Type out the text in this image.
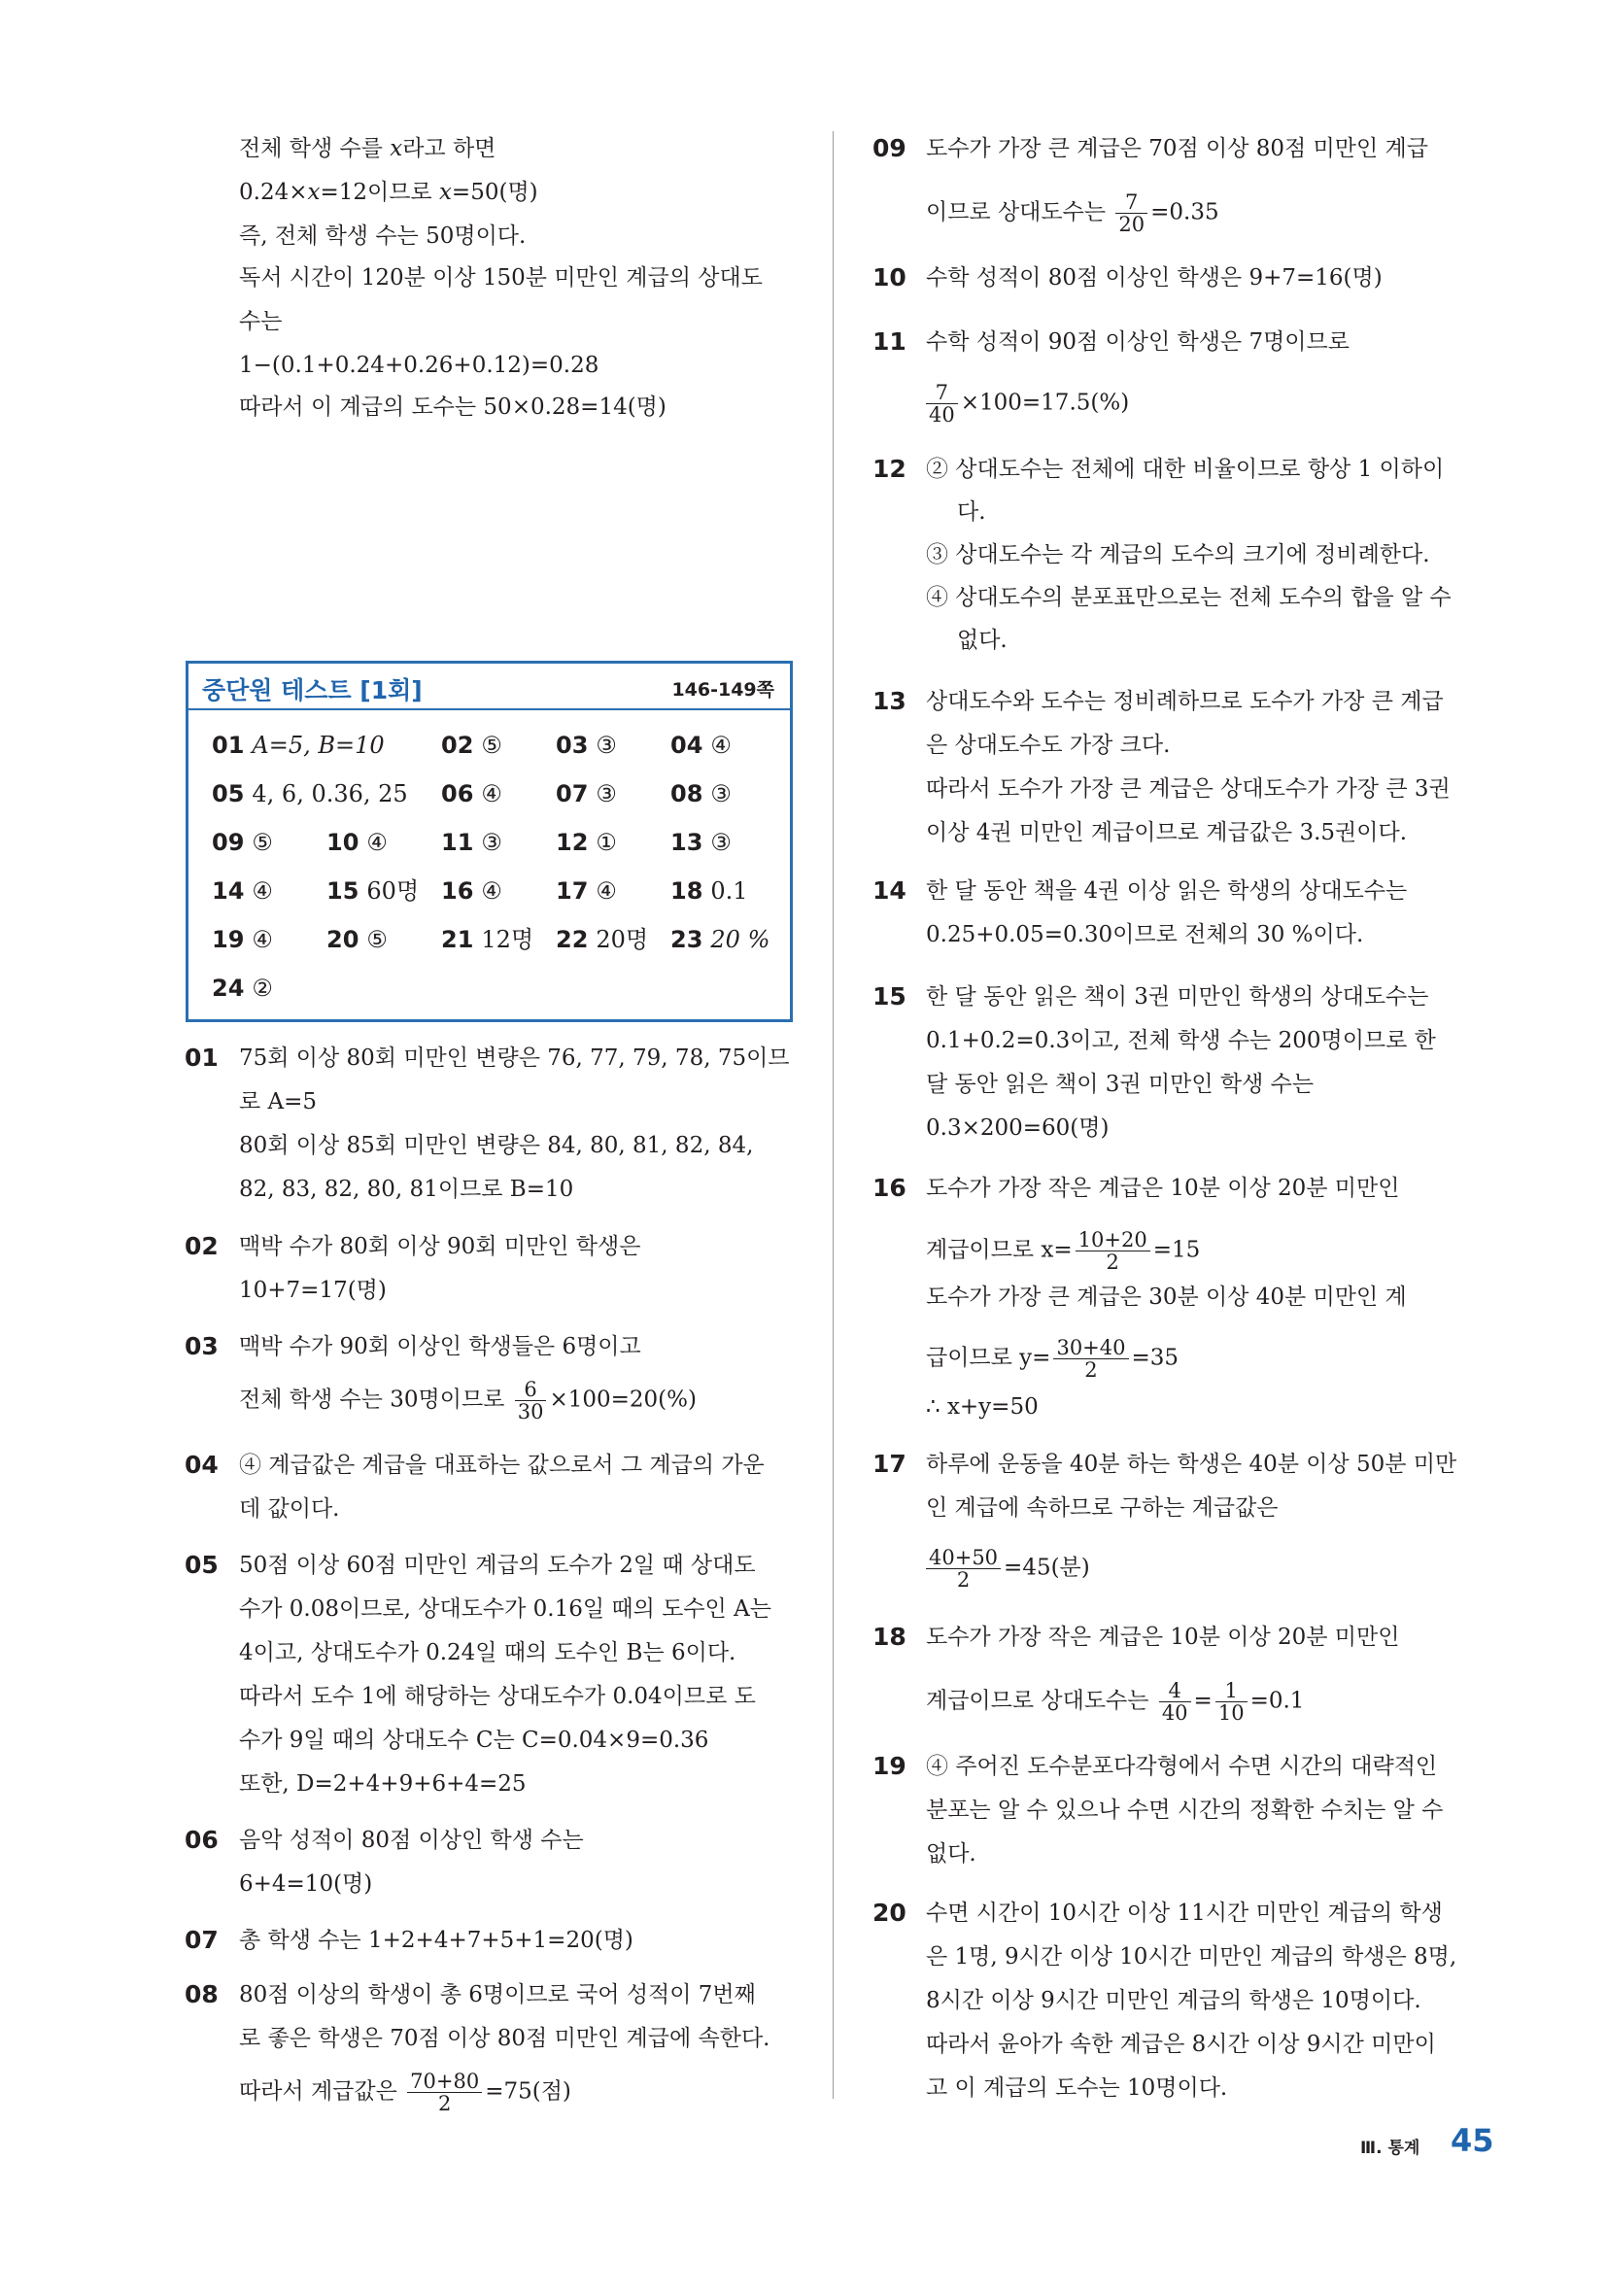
전체 학생 수를 𝑥라고 하면
0.24×𝑥=12이므로 𝑥=50(명)
즉, 전체 학생 수는 50명이다.
독서 시간이 120분 이상 150분 미만인 계급의 상대도
수는
1−(0.1+0.24+0.26+0.12)=0.28
따라서 이 계급의 도수는 50×0.28=14(명)
중단원 테스트 [1회]	146-149쪽
01 A=5, B=10 02 ⑤ 03 ③ 04 ④
05 4, 6, 0.36, 25 06 ④ 07 ③ 08 ③
09 ⑤ 10 ④ 11 ③ 12 ① 13 ③
14 ④ 15 60명 16 ④ 17 ④ 18 0.1
19 ④ 20 ⑤ 21 12명 22 20명 23 20 %
24 ②
01 75회 이상 80회 미만인 변량은 76, 77, 79, 78, 75이므
로 A=5
80회 이상 85회 미만인 변량은 84, 80, 81, 82, 84,
82, 83, 82, 80, 81이므로 B=10
02 맥박 수가 80회 이상 90회 미만인 학생은
10+7=17(명)
03 맥박 수가 90회 이상인 학생들은 6명이고
전체 학생 수는 30명이므로 $\frac{6}{30} \times 100=20(\%)$
04 ④ 계급값은 계급을 대표하는 값으로서 그 계급의 가운
데 값이다.
05 50점 이상 60점 미만인 계급의 도수가 2일 때 상대도
수가 0.08이므로, 상대도수가 0.16일 때의 도수인 A는
4이고, 상대도수가 0.24일 때의 도수인 B는 6이다.
따라서 도수 1에 해당하는 상대도수가 0.04이므로 도
수가 9일 때의 상대도수 C는 C=0.04×9=0.36
또한, D=2+4+9+6+4=25
06 음악 성적이 80점 이상인 학생 수는
6+4=10(명)
07 총 학생 수는 1+2+4+7+5+1=20(명)
08 80점 이상의 학생이 총 6명이므로 국어 성적이 7번째
로 좋은 학생은 70점 이상 80점 미만인 계급에 속한다.
따라서 계급값은 $\frac{70+80}{2} =75$(점)
09 도수가 가장 큰 계급은 70점 이상 80점 미만인 계급
이므로 상대도수는 $\frac{7}{20} =0.35$
10 수학 성적이 80점 이상인 학생은 9+7=16(명)
11 수학 성적이 90점 이상인 학생은 7명이므로
$\frac{7}{40} \times 100=17.5(\%)$
12 ② 상대도수는 전체에 대한 비율이므로 항상 1 이하이
다.
③ 상대도수는 각 계급의 도수의 크기에 정비례한다.
④ 상대도수의 분포표만으로는 전체 도수의 합을 알 수
없다.
13 상대도수와 도수는 정비례하므로 도수가 가장 큰 계급
은 상대도수도 가장 크다.
따라서 도수가 가장 큰 계급은 상대도수가 가장 큰 3권
이상 4권 미만인 계급이므로 계급값은 3.5권이다.
14 한 달 동안 책을 4권 이상 읽은 학생의 상대도수는
0.25+0.05=0.30이므로 전체의 30 %이다.
15 한 달 동안 읽은 책이 3권 미만인 학생의 상대도수는
0.1+0.2=0.3이고, 전체 학생 수는 200명이므로 한
달 동안 읽은 책이 3권 미만인 학생 수는
0.3×200=60(명)
16 도수가 가장 작은 계급은 10분 이상 20분 미만인
계급이므로 $x= \frac{10+20}{2} =15$
도수가 가장 큰 계급은 30분 이상 40분 미만인 계
급이므로 $y= \frac{30+40}{2} =35$
∴ x+y=50
17 하루에 운동을 40분 하는 학생은 40분 이상 50분 미만
인 계급에 속하므로 구하는 계급값은
$\frac{40+50}{2} =45$(분)
18 도수가 가장 작은 계급은 10분 이상 20분 미만인
계급이므로 상대도수는 $\frac{4}{40} = \frac{1}{10} =0.1$
19 ④ 주어진 도수분포다각형에서 수면 시간의 대략적인
분포는 알 수 있으나 수면 시간의 정확한 수치는 알 수
없다.
20 수면 시간이 10시간 이상 11시간 미만인 계급의 학생
은 1명, 9시간 이상 10시간 미만인 계급의 학생은 8명,
8시간 이상 9시간 미만인 계급의 학생은 10명이다.
따라서 윤아가 속한 계급은 8시간 이상 9시간 미만이
고 이 계급의 도수는 10명이다.
Ⅲ. 통계 45
